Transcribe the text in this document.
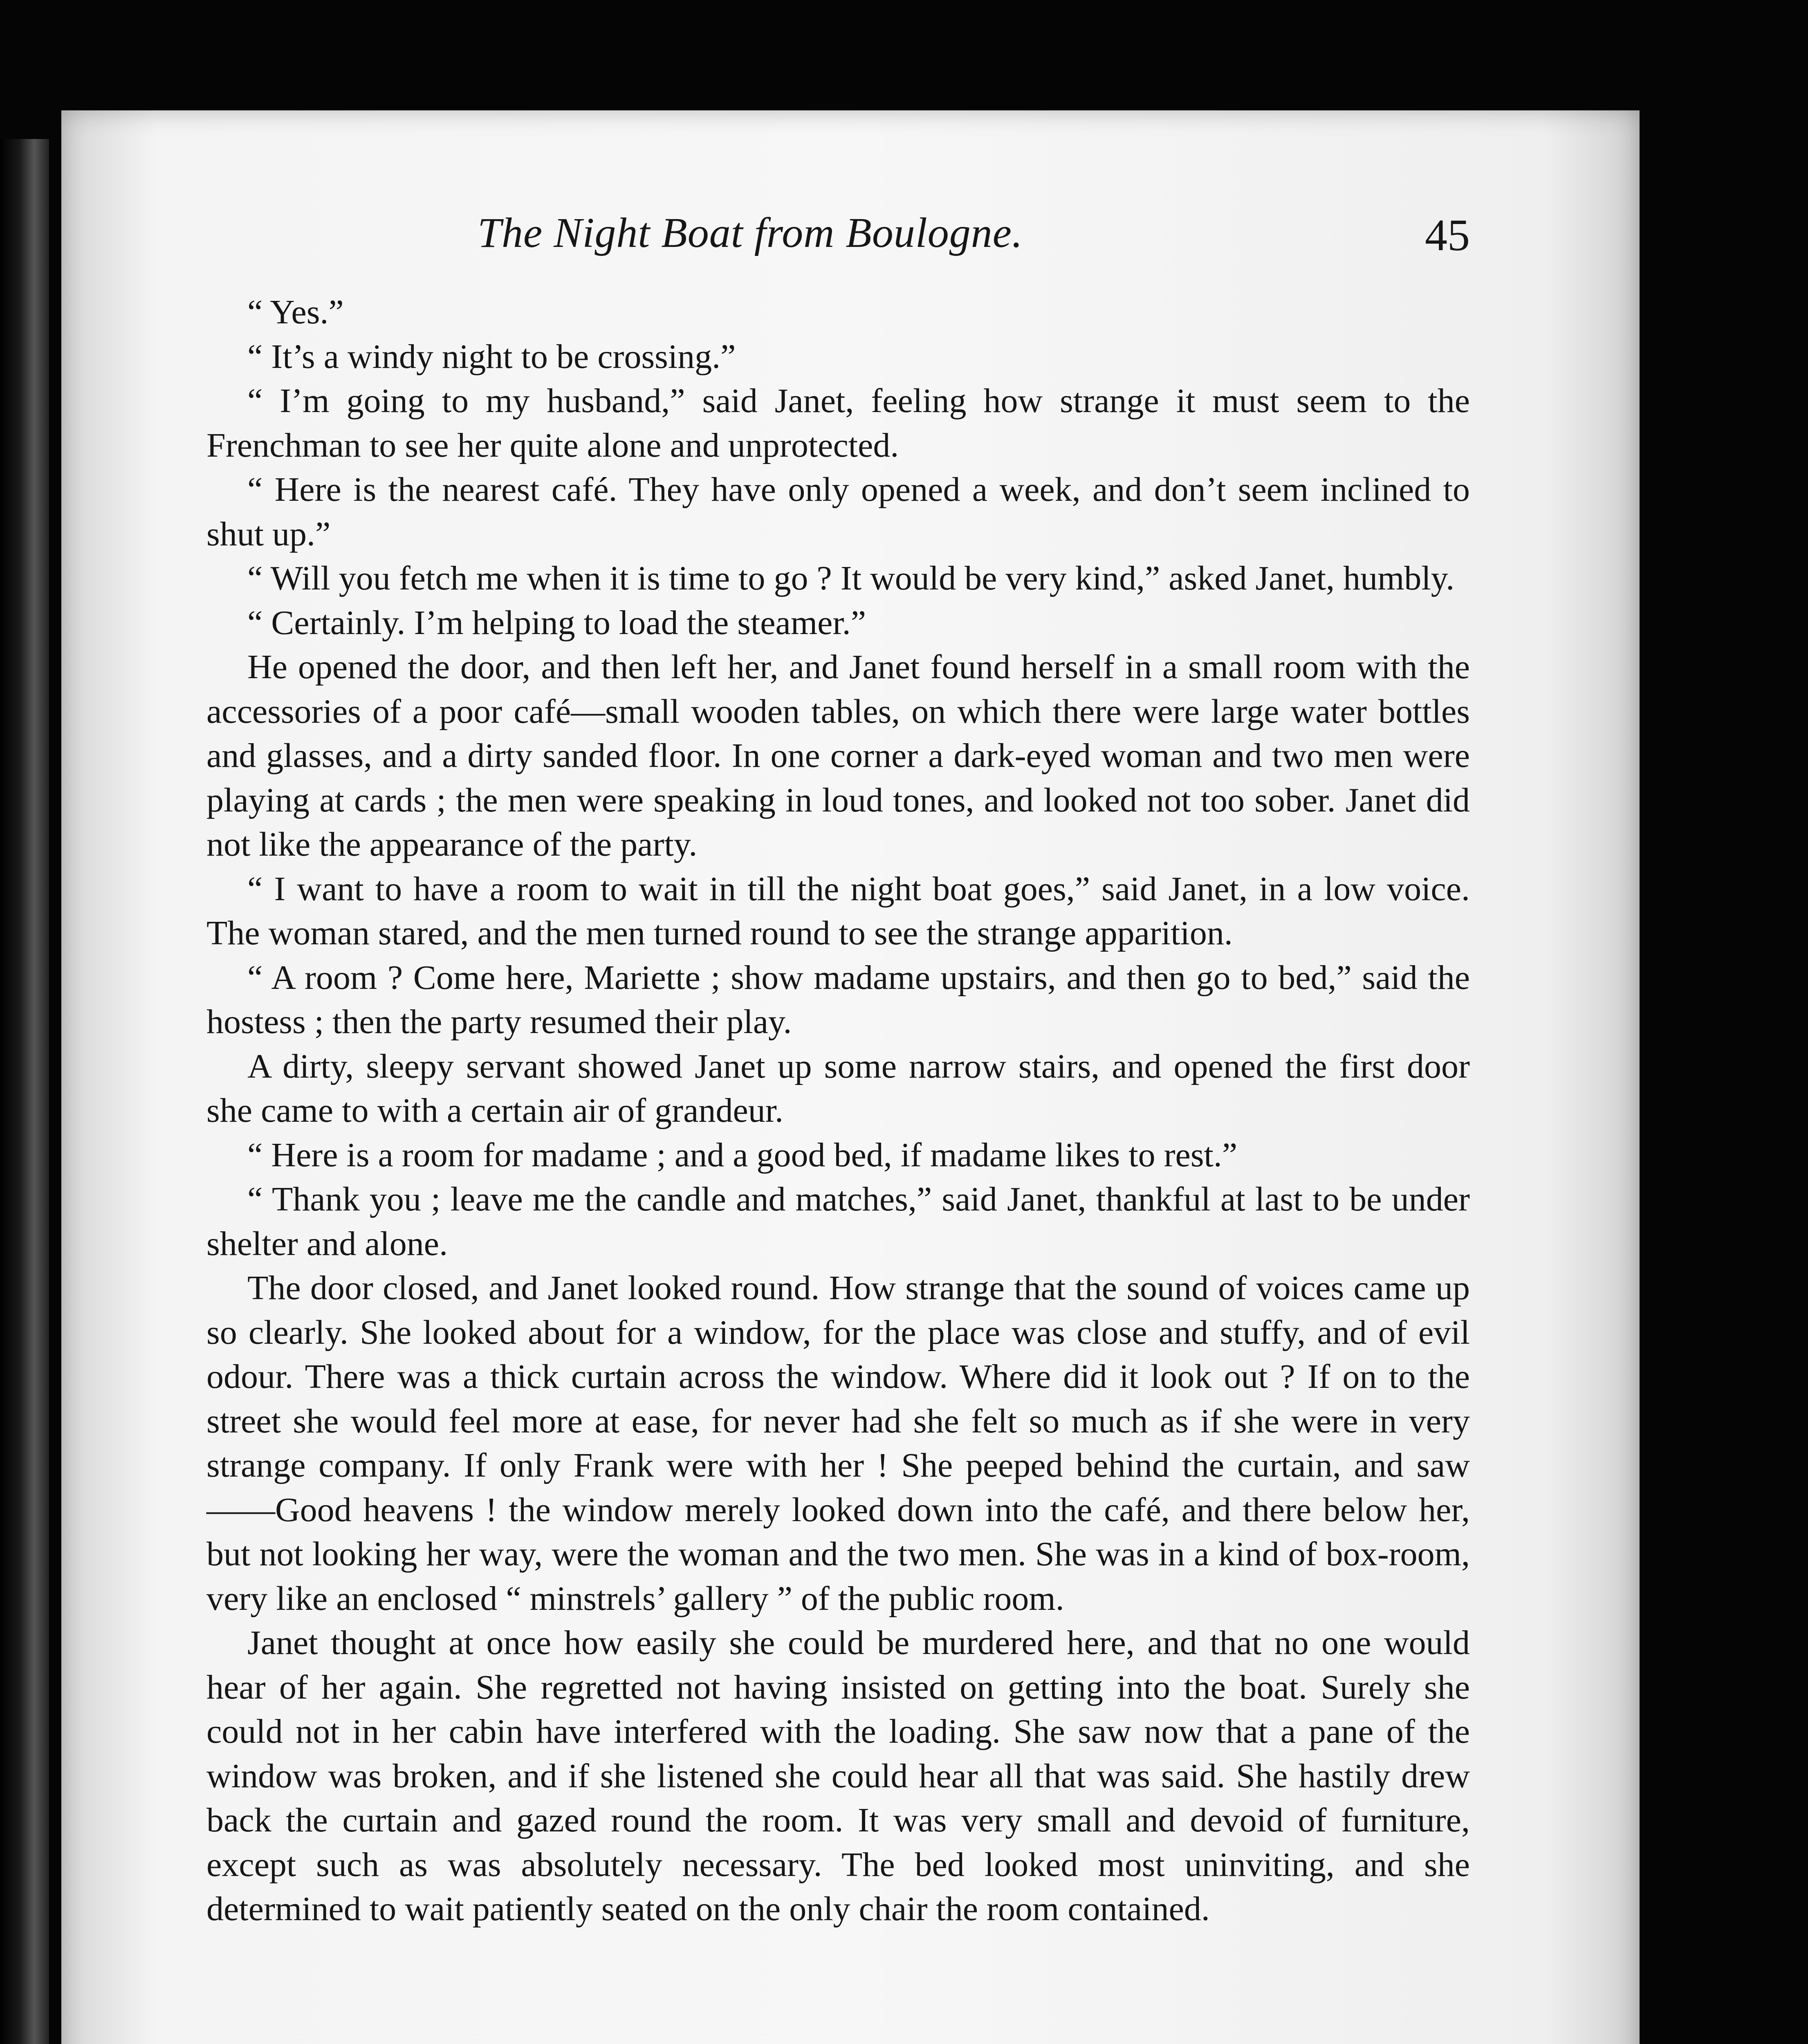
The Night Boat from Boulogne.	45

“ Yes.”

“ It’s a windy night to be crossing.”

“ I’m going to my husband,” said Janet, feeling how strange it must seem to the Frenchman to see her quite alone and unprotected.

“ Here is the nearest café. They have only opened a week, and don’t seem inclined to shut up.”

“ Will you fetch me when it is time to go ? It would be very kind,” asked Janet, humbly.

“ Certainly. I’m helping to load the steamer.”

He opened the door, and then left her, and Janet found herself in a small room with the accessories of a poor café—small wooden tables, on which there were large water bottles and glasses, and a dirty sanded floor. In one corner a dark-eyed woman and two men were playing at cards ; the men were speaking in loud tones, and looked not too sober. Janet did not like the appearance of the party.

“ I want to have a room to wait in till the night boat goes,” said Janet, in a low voice. The woman stared, and the men turned round to see the strange apparition.

“ A room ? Come here, Mariette ; show madame upstairs, and then go to bed,” said the hostess ; then the party resumed their play.

A dirty, sleepy servant showed Janet up some narrow stairs, and opened the first door she came to with a certain air of grandeur.

“ Here is a room for madame ; and a good bed, if madame likes to rest.”

“ Thank you ; leave me the candle and matches,” said Janet, thankful at last to be under shelter and alone.

The door closed, and Janet looked round. How strange that the sound of voices came up so clearly. She looked about for a window, for the place was close and stuffy, and of evil odour. There was a thick curtain across the window. Where did it look out ? If on to the street she would feel more at ease, for never had she felt so much as if she were in very strange company. If only Frank were with her ! She peeped behind the curtain, and saw——Good heavens ! the window merely looked down into the café, and there below her, but not looking her way, were the woman and the two men. She was in a kind of box-room, very like an enclosed “ minstrels’ gallery ” of the public room.

Janet thought at once how easily she could be murdered here, and that no one would hear of her again. She regretted not having insisted on getting into the boat. Surely she could not in her cabin have interfered with the loading. She saw now that a pane of the window was broken, and if she listened she could hear all that was said. She hastily drew back the curtain and gazed round the room. It was very small and devoid of furniture, except such as was absolutely necessary. The bed looked most uninviting, and she determined to wait patiently seated on the only chair the room contained.
